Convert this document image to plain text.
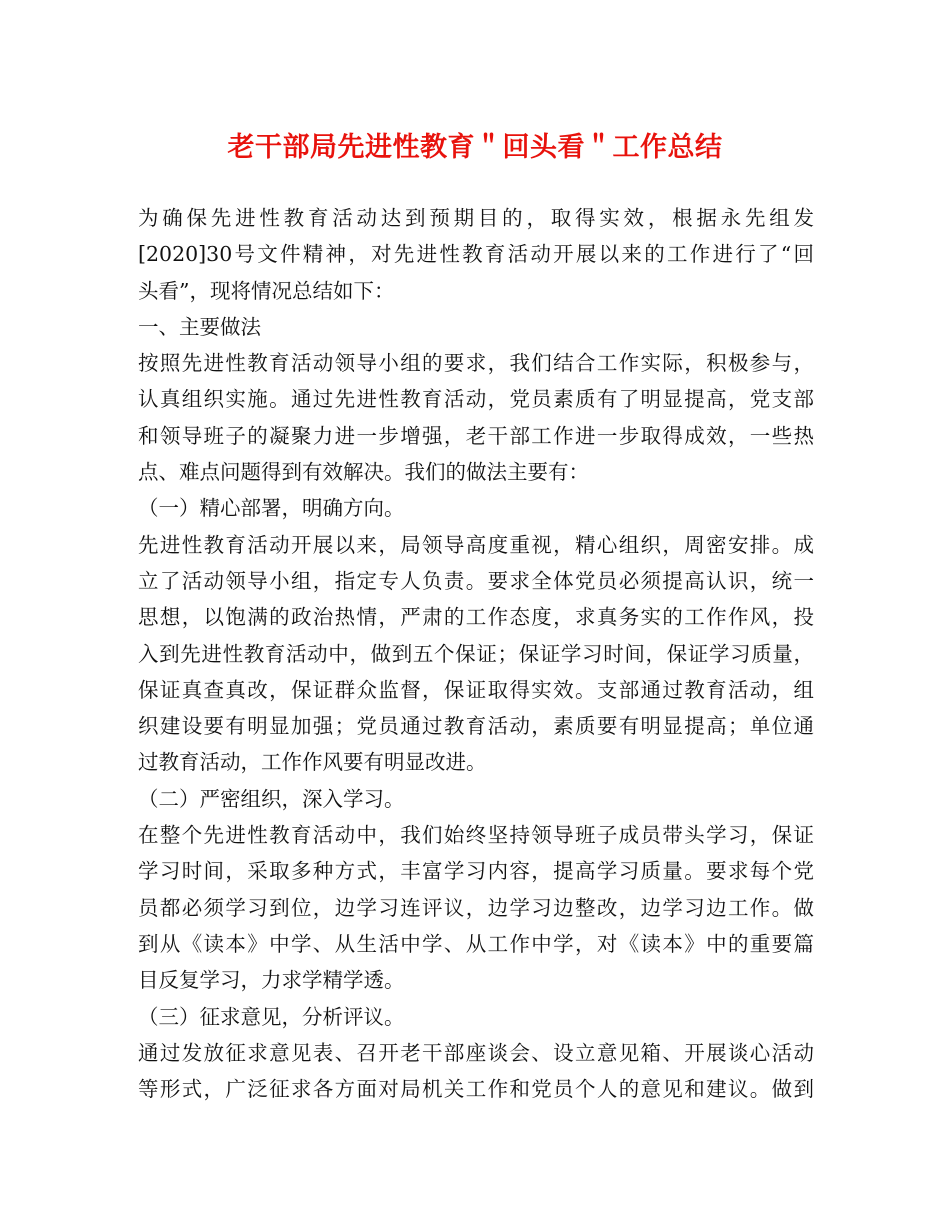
老干部局先进性教育＂回头看＂工作总结
为确保先进性教育活动达到预期目的，取得实效，根据永先组发
[2020]30号文件精神，对先进性教育活动开展以来的工作进行了“回
头看”，现将情况总结如下：
一、主要做法
按照先进性教育活动领导小组的要求，我们结合工作实际，积极参与，
认真组织实施。通过先进性教育活动，党员素质有了明显提高，党支部
和领导班子的凝聚力进一步增强，老干部工作进一步取得成效，一些热
点、难点问题得到有效解决。我们的做法主要有：
（一）精心部署，明确方向。
先进性教育活动开展以来，局领导高度重视，精心组织，周密安排。成
立了活动领导小组，指定专人负责。要求全体党员必须提高认识，统一
思想，以饱满的政治热情，严肃的工作态度，求真务实的工作作风，投
入到先进性教育活动中，做到五个保证；保证学习时间，保证学习质量，
保证真查真改，保证群众监督，保证取得实效。支部通过教育活动，组
织建设要有明显加强；党员通过教育活动，素质要有明显提高；单位通
过教育活动，工作作风要有明显改进。
（二）严密组织，深入学习。
在整个先进性教育活动中，我们始终坚持领导班子成员带头学习，保证
学习时间，采取多种方式，丰富学习内容，提高学习质量。要求每个党
员都必须学习到位，边学习连评议，边学习边整改，边学习边工作。做
到从《读本》中学、从生活中学、从工作中学，对《读本》中的重要篇
目反复学习，力求学精学透。
（三）征求意见，分析评议。
通过发放征求意见表、召开老干部座谈会、设立意见箱、开展谈心活动
等形式，广泛征求各方面对局机关工作和党员个人的意见和建议。做到
